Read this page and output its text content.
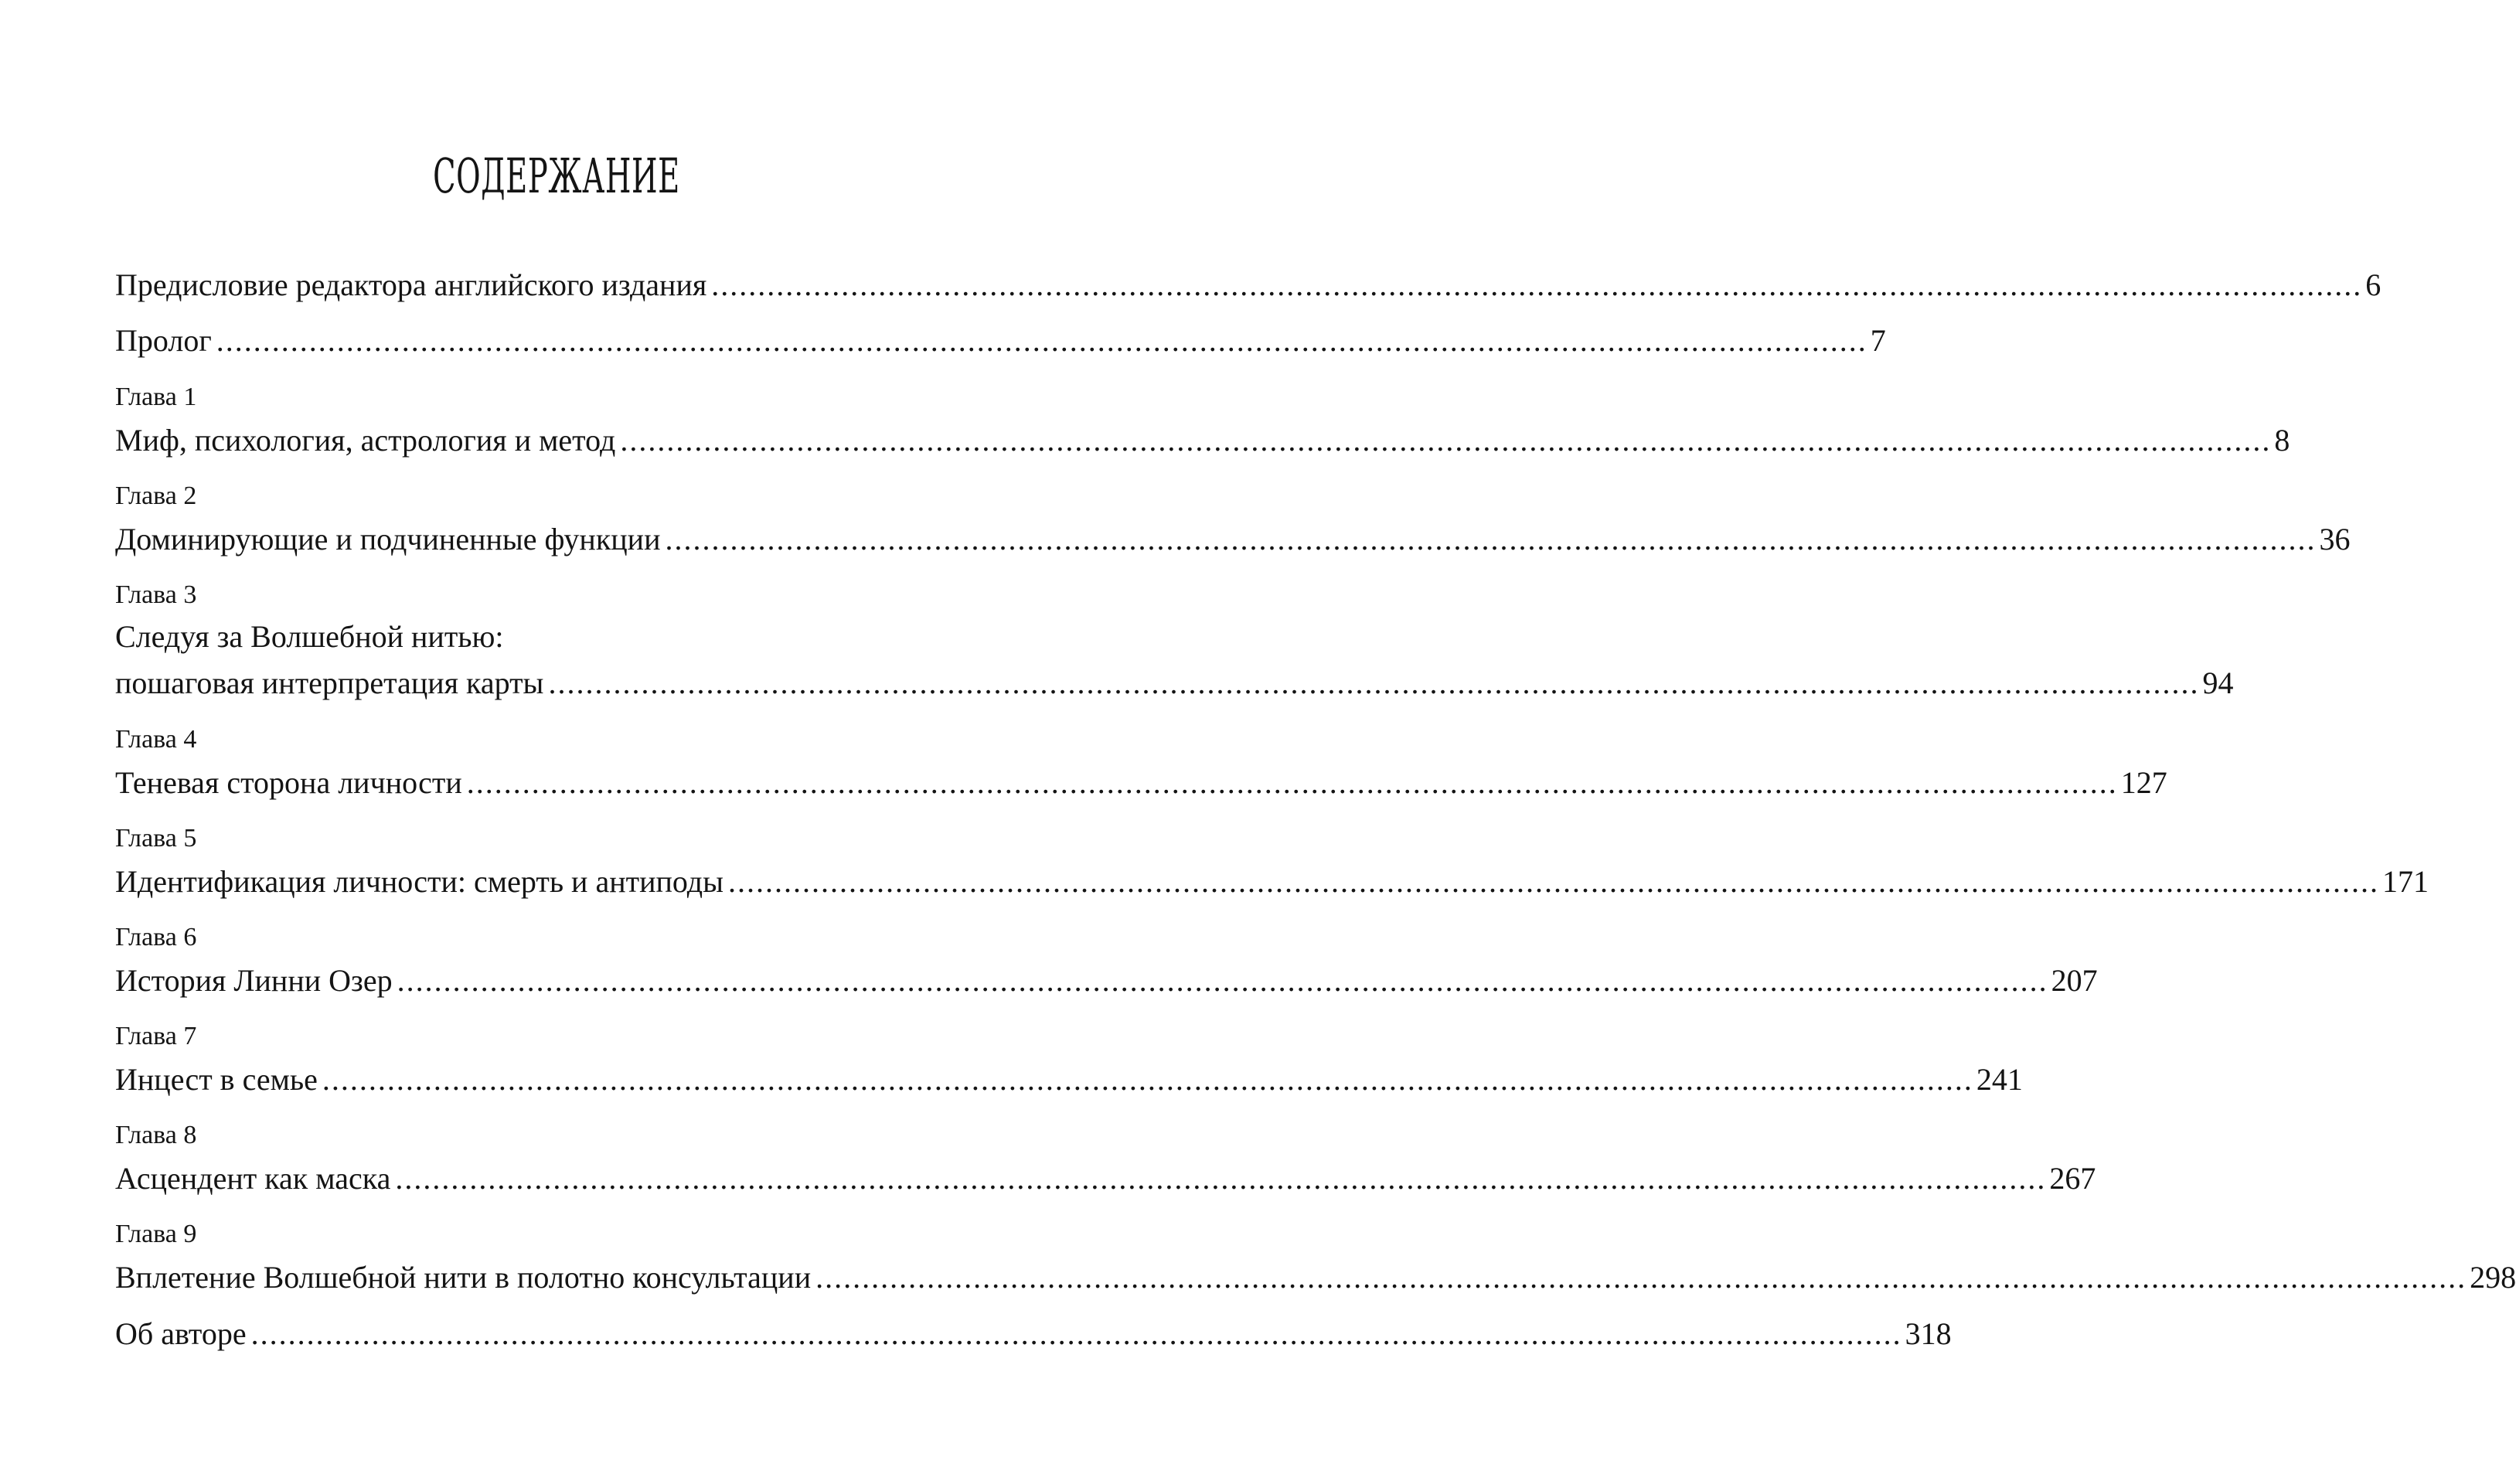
СОДЕРЖАНИЕ
Предисловие редактора английского издания .................................................................................................................................................................................. 6
Пролог .................................................................................................................................................................................. 7
Глава 1
Миф, психология, астрология и метод .................................................................................................................................................................................. 8
Глава 2
Доминирующие и подчиненные функции .................................................................................................................................................................................. 36
Глава 3
Следуя за Волшебной нитью:
пошаговая интерпретация карты .................................................................................................................................................................................. 94
Глава 4
Теневая сторона личности .................................................................................................................................................................................. 127
Глава 5
Идентификация личности: смерть и антиподы .................................................................................................................................................................................. 171
Глава 6
История Линни Озер .................................................................................................................................................................................. 207
Глава 7
Инцест в семье .................................................................................................................................................................................. 241
Глава 8
Асцендент как маска .................................................................................................................................................................................. 267
Глава 9
Вплетение Волшебной нити в полотно консультации .................................................................................................................................................................................. 298
Об авторе .................................................................................................................................................................................. 318
